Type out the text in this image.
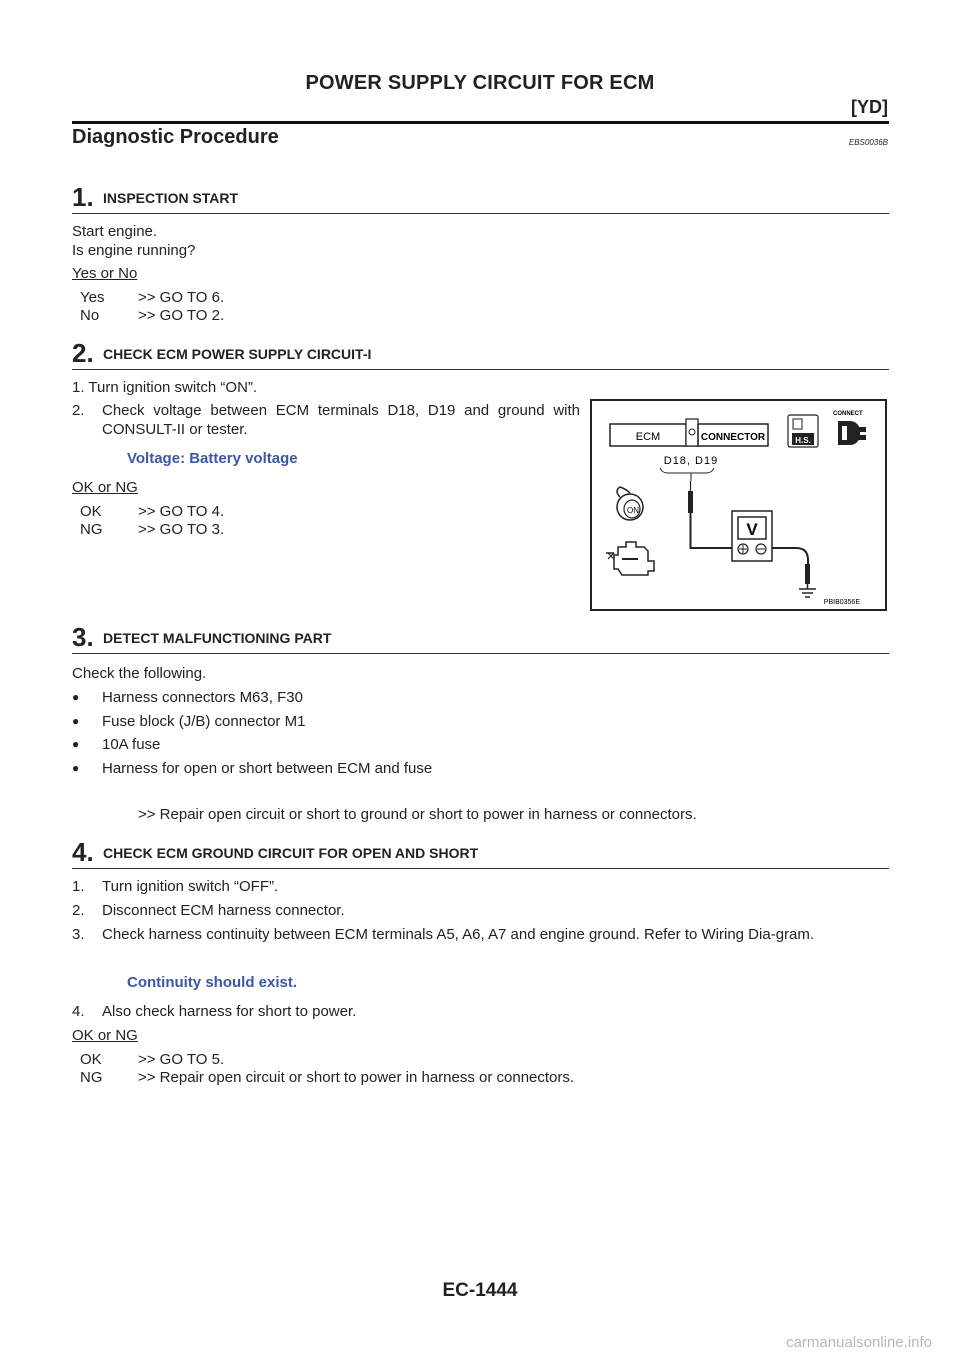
POWER SUPPLY CIRCUIT FOR ECM
[YD]
Diagnostic Procedure	EBS0036B
1. INSPECTION START
Start engine.
Is engine running?
Yes or No
Yes >> GO TO 6.
No	>> GO TO 2.
2. CHECK ECM POWER SUPPLY CIRCUIT-I
1. Turn ignition switch “ON”.
2. Check voltage between ECM terminals D18, D19 and ground with CONSULT-II or tester.
Voltage: Battery voltage
OK or NG
OK >> GO TO 4.
NG >> GO TO 3.
ECM	CONNECTOR	H.S.
CONNECT
D18, D19
V
ON
PBIB0356E
3. DETECT MALFUNCTIONING PART
Check the following.
● Harness connectors M63, F30
● Fuse block (J/B) connector M1
● 10A fuse
● Harness for open or short between ECM and fuse
>> Repair open circuit or short to ground or short to power in harness or connectors.
4. CHECK ECM GROUND CIRCUIT FOR OPEN AND SHORT
1. Turn ignition switch “OFF”.
2. Disconnect ECM harness connector.
3. Check harness continuity between ECM terminals A5, A6, A7 and engine ground. Refer to Wiring Dia-gram.
Continuity should exist.
4. Also check harness for short to power.
OK or NG
OK >> GO TO 5.
NG >> Repair open circuit or short to power in harness or connectors.
EC-1444
carmanualsonline.info
